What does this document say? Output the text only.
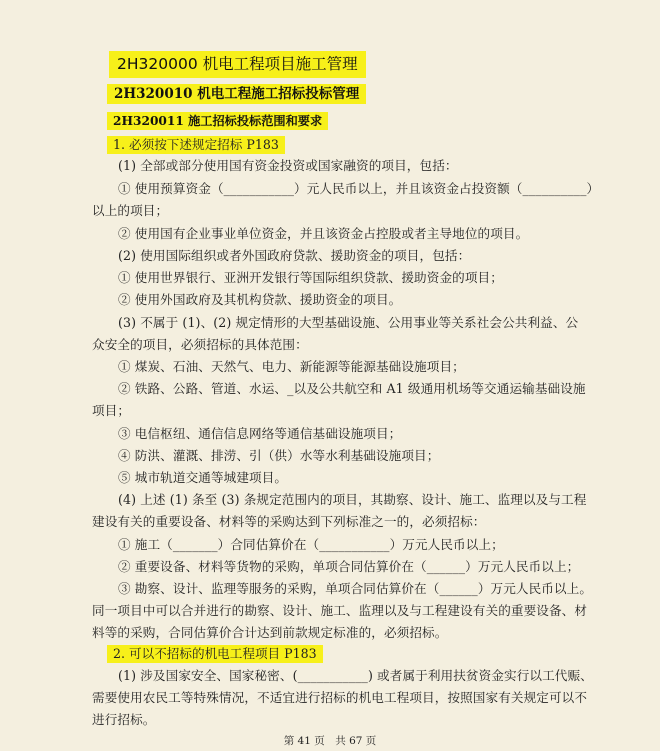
2H320000 机电工程项目施工管理
2H320010 机电工程施工招标投标管理
2H320011 施工招标投标范围和要求
1. 必须按下述规定招标 P183
(1) 全部或部分使用国有资金投资或国家融资的项目，包括：
① 使用预算资金（___________）元人民币以上，并且该资金占投资额（__________）
以上的项目；
② 使用国有企业事业单位资金，并且该资金占控股或者主导地位的项目。
(2) 使用国际组织或者外国政府贷款、援助资金的项目，包括：
① 使用世界银行、亚洲开发银行等国际组织贷款、援助资金的项目；
② 使用外国政府及其机构贷款、援助资金的项目。
(3) 不属于 (1)、(2) 规定情形的大型基础设施、公用事业等关系社会公共利益、公
众安全的项目，必须招标的具体范围：
① 煤炭、石油、天然气、电力、新能源等能源基础设施项目；
② 铁路、公路、管道、水运、_以及公共航空和 A1 级通用机场等交通运输基础设施
项目；
③ 电信枢纽、通信信息网络等通信基础设施项目；
④ 防洪、灌溉、排涝、引（供）水等水利基础设施项目；
⑤ 城市轨道交通等城建项目。
(4) 上述 (1) 条至 (3) 条规定范围内的项目，其勘察、设计、施工、监理以及与工程
建设有关的重要设备、材料等的采购达到下列标准之一的，必须招标：
① 施工（_______）合同估算价在（___________）万元人民币以上；
② 重要设备、材料等货物的采购，单项合同估算价在（______）万元人民币以上；
③ 勘察、设计、监理等服务的采购，单项合同估算价在（______）万元人民币以上。
同一项目中可以合并进行的勘察、设计、施工、监理以及与工程建设有关的重要设备、材
料等的采购，合同估算价合计达到前款规定标准的，必须招标。
2. 可以不招标的机电工程项目 P183
(1) 涉及国家安全、国家秘密、(___________) 或者属于利用扶贫资金实行以工代赈、
需要使用农民工等特殊情况，不适宜进行招标的机电工程项目，按照国家有关规定可以不
进行招标。
第 41 页　共 67 页
